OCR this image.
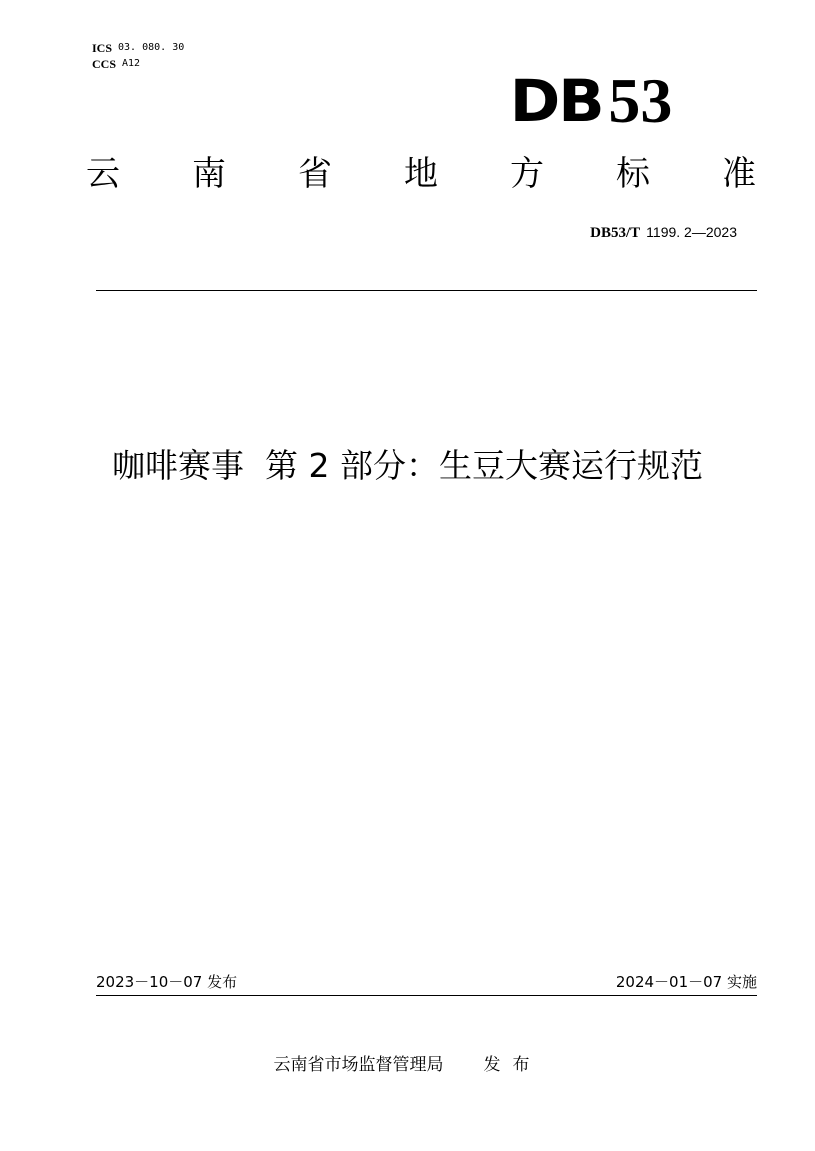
ICS 03. 080. 30
CCS A12
DB 53
云 南 省 地 方 标 准
DB53/T 1199. 2—2023
咖啡赛事  第 2 部分：生豆大赛运行规范
2023－10－07 发布	2024－01－07 实施
云南省市场监督管理局 发布
